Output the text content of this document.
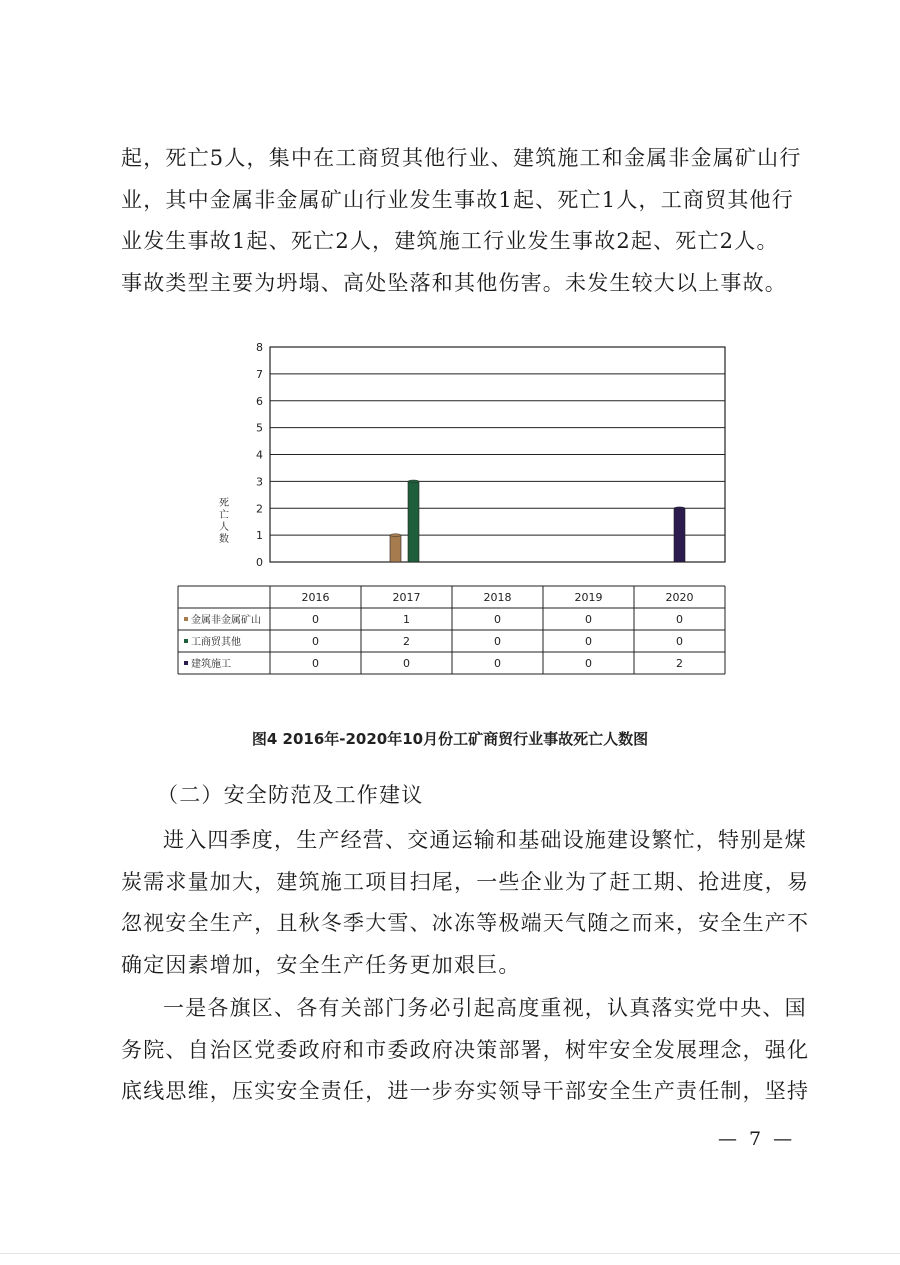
起，死亡5人，集中在工商贸其他行业、建筑施工和金属非金属矿山行
业，其中金属非金属矿山行业发生事故1起、死亡1人，工商贸其他行
业发生事故1起、死亡2人，建筑施工行业发生事故2起、死亡2人。
事故类型主要为坍塌、高处坠落和其他伤害。未发生较大以上事故。

0
1
2
3
4
5
6
7
8
死
亡
人
数
2016	2017	2018	2019	2020
金属非金属矿山	0	1	0	0	0
工商贸其他	0	2	0	0	0
建筑施工	0	0	0	0	2
图4 2016年-2020年10月份工矿商贸行业事故死亡人数图

（二）安全防范及工作建议

进入四季度，生产经营、交通运输和基础设施建设繁忙，特别是煤
炭需求量加大，建筑施工项目扫尾，一些企业为了赶工期、抢进度，易
忽视安全生产，且秋冬季大雪、冰冻等极端天气随之而来，安全生产不
确定因素增加，安全生产任务更加艰巨。

一是各旗区、各有关部门务必引起高度重视，认真落实党中央、国
务院、自治区党委政府和市委政府决策部署，树牢安全发展理念，强化
底线思维，压实安全责任，进一步夯实领导干部安全生产责任制，坚持

— 7 —
